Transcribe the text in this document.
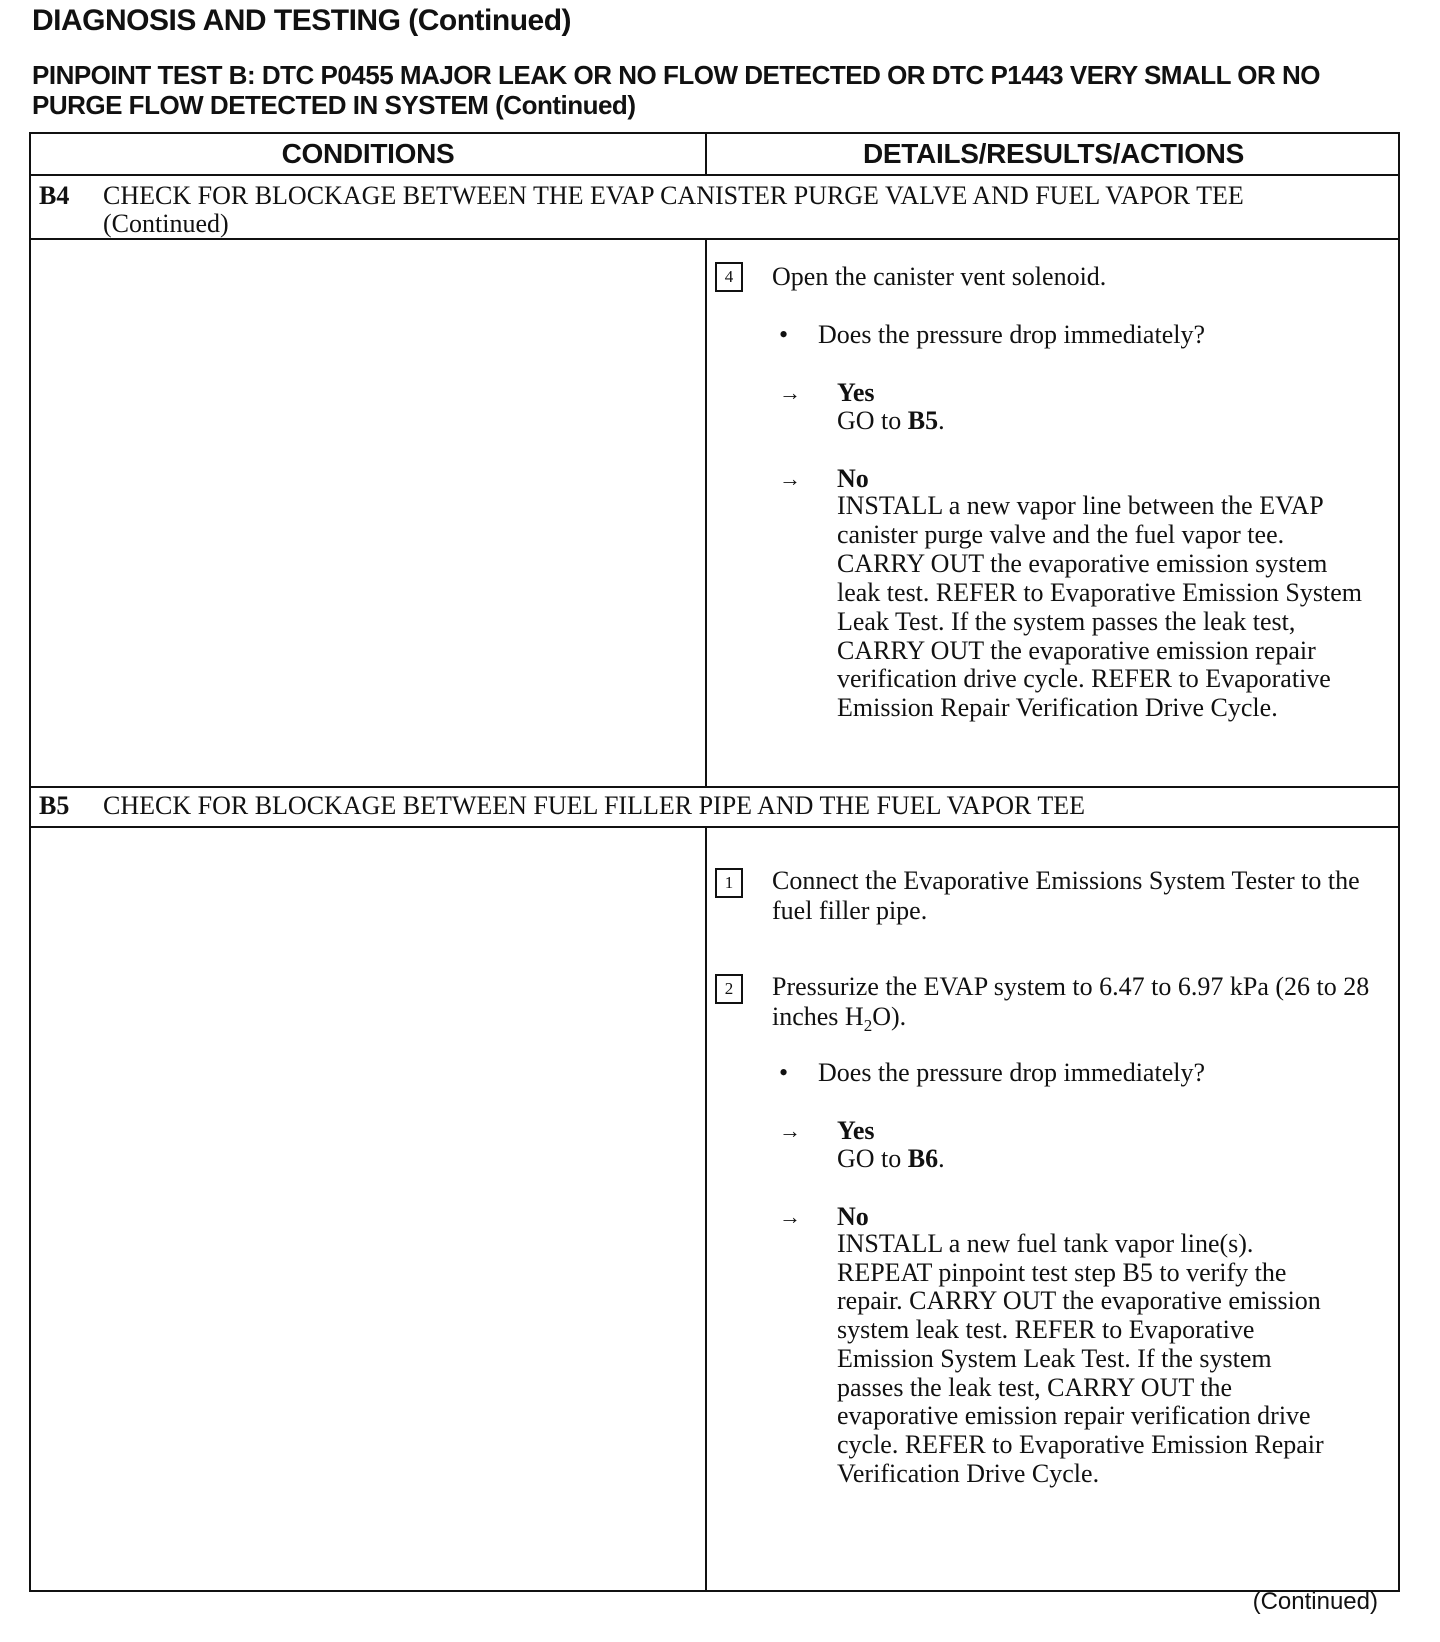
DIAGNOSIS AND TESTING (Continued)
PINPOINT TEST B: DTC P0455 MAJOR LEAK OR NO FLOW DETECTED OR DTC P1443 VERY SMALL OR NO PURGE FLOW DETECTED IN SYSTEM (Continued)
CONDITIONS	DETAILS/RESULTS/ACTIONS
B4 CHECK FOR BLOCKAGE BETWEEN THE EVAP CANISTER PURGE VALVE AND FUEL VAPOR TEE (Continued)
4	Open the canister vent solenoid.
• Does the pressure drop immediately?
→ Yes
GO to B5.
→ No
INSTALL a new vapor line between the EVAP canister purge valve and the fuel vapor tee. CARRY OUT the evaporative emission system leak test. REFER to Evaporative Emission System Leak Test. If the system passes the leak test, CARRY OUT the evaporative emission repair verification drive cycle. REFER to Evaporative Emission Repair Verification Drive Cycle.
B5 CHECK FOR BLOCKAGE BETWEEN FUEL FILLER PIPE AND THE FUEL VAPOR TEE
1	Connect the Evaporative Emissions System Tester to the fuel filler pipe.
2	Pressurize the EVAP system to 6.47 to 6.97 kPa (26 to 28 inches $H_2O$).
• Does the pressure drop immediately?
→ Yes
GO to B6.
→ No
INSTALL a new fuel tank vapor line(s). REPEAT pinpoint test step B5 to verify the repair. CARRY OUT the evaporative emission system leak test. REFER to Evaporative Emission System Leak Test. If the system passes the leak test, CARRY OUT the evaporative emission repair verification drive cycle. REFER to Evaporative Emission Repair Verification Drive Cycle.
(Continued)
